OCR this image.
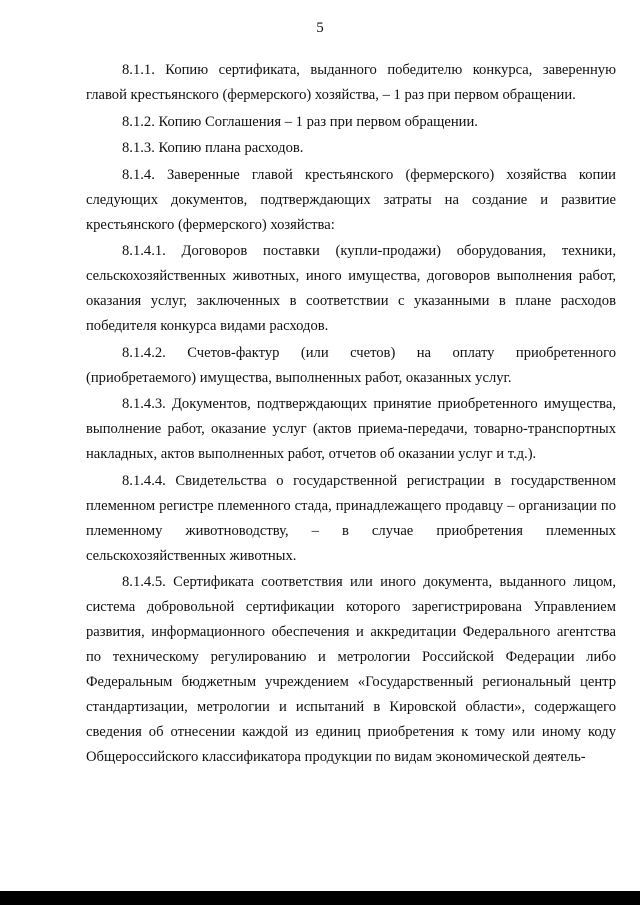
5

8.1.1. Копию сертификата, выданного победителю конкурса, заверенную главой крестьянского (фермерского) хозяйства, – 1 раз при первом обращении.

8.1.2. Копию Соглашения – 1 раз при первом обращении.

8.1.3. Копию плана расходов.

8.1.4. Заверенные главой крестьянского (фермерского) хозяйства копии следующих документов, подтверждающих затраты на создание и развитие крестьянского (фермерского) хозяйства:

8.1.4.1. Договоров поставки (купли-продажи) оборудования, техники, сельскохозяйственных животных, иного имущества, договоров выполнения работ, оказания услуг, заключенных в соответствии с указанными в плане расходов победителя конкурса видами расходов.

8.1.4.2. Счетов-фактур (или счетов) на оплату приобретенного (приобретаемого) имущества, выполненных работ, оказанных услуг.

8.1.4.3. Документов, подтверждающих принятие приобретенного имущества, выполнение работ, оказание услуг (актов приема-передачи, товарно-транспортных накладных, актов выполненных работ, отчетов об оказании услуг и т.д.).

8.1.4.4. Свидетельства о государственной регистрации в государственном племенном регистре племенного стада, принадлежащего продавцу – организации по племенному животноводству, – в случае приобретения племенных сельскохозяйственных животных.

8.1.4.5. Сертификата соответствия или иного документа, выданного лицом, система добровольной сертификации которого зарегистрирована Управлением развития, информационного обеспечения и аккредитации Федерального агентства по техническому регулированию и метрологии Российской Федерации либо Федеральным бюджетным учреждением «Государственный региональный центр стандартизации, метрологии и испытаний в Кировской области», содержащего сведения об отнесении каждой из единиц приобретения к тому или иному коду Общероссийского классификатора продукции по видам экономической деятель-
